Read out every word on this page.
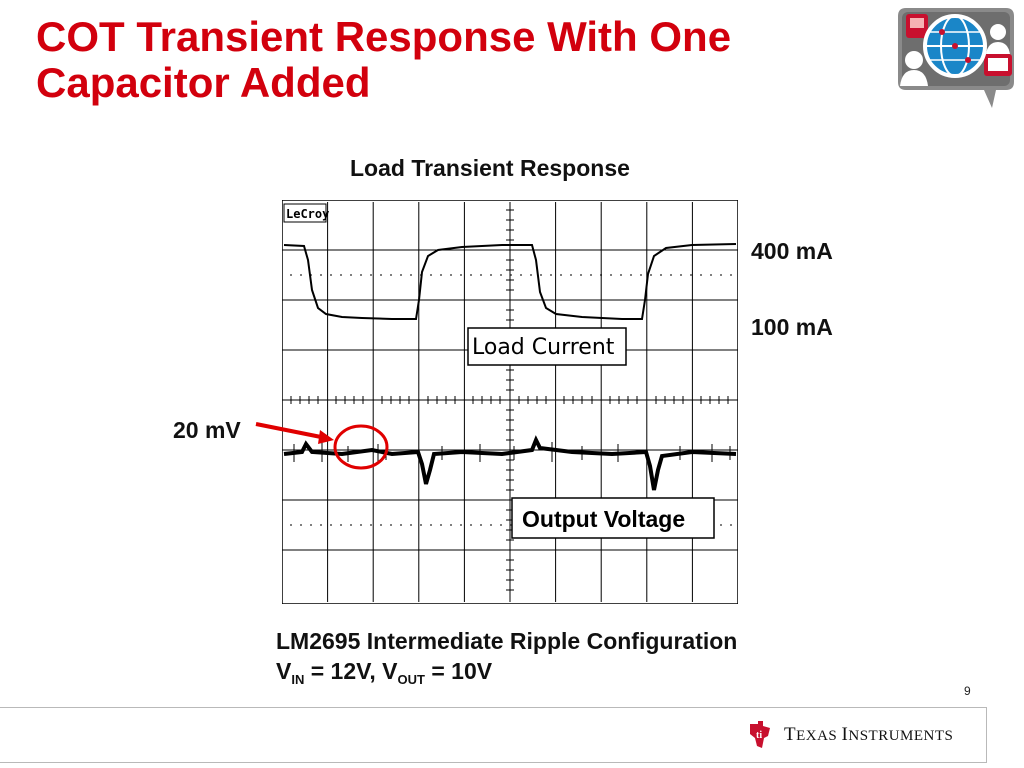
COT Transient Response With One
Capacitor Added
Load Transient Response
LeCroy
Load Current
Output Voltage
400 mA
100 mA
20 mV
LM2695 Intermediate Ripple Configuration
$V_{IN} = 12V$, $V_{OUT} = 10V$
9
ti TEXAS INSTRUMENTS
